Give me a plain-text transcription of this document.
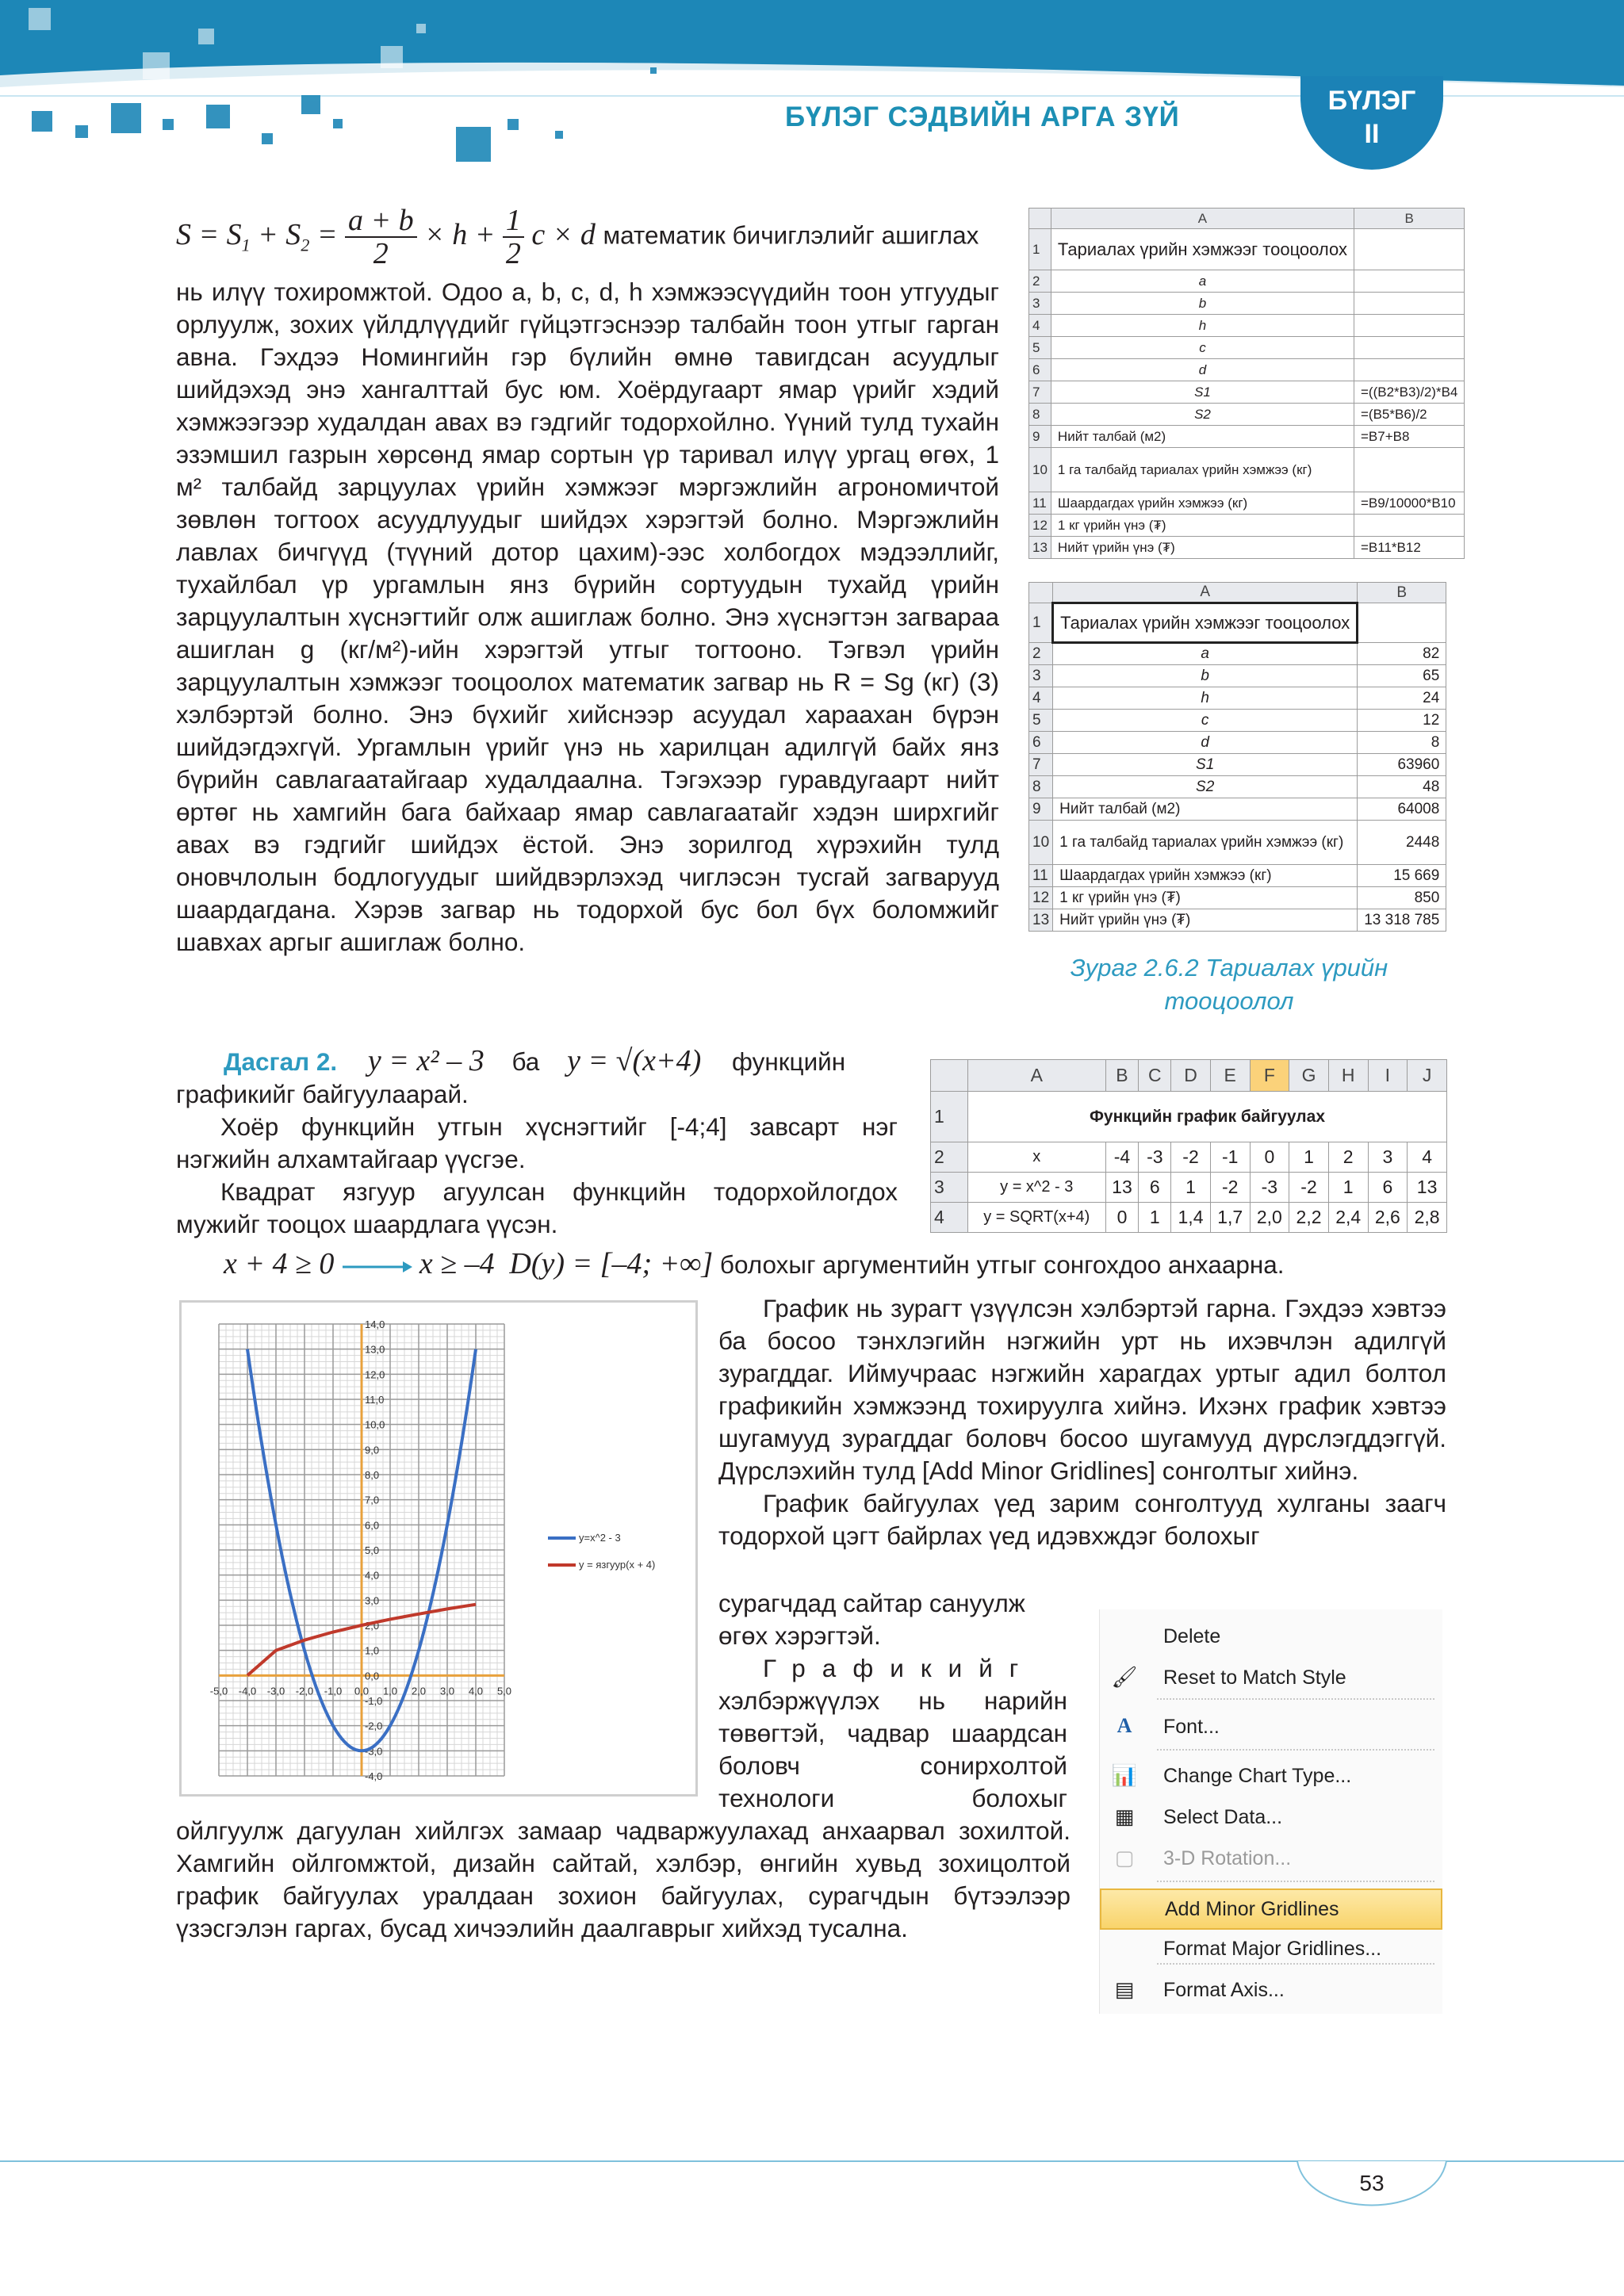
БҮЛЭГ СЭДВИЙН АРГА ЗҮЙ
БҮЛЭГ
II
$S = S_1 + S_2 = \frac{a + b}{2} \times h + \frac{1}{2}$ c × d математик бичиглэлийг ашиглах

нь илүү тохиромжтой. Одоо a, b, c, d, h хэмжээсүүдийн тоон утгуудыг орлуулж, зохих үйлдлүүдийг гүйцэтгэснээр талбайн тоон утгыг гарган авна. Гэхдээ Номингийн гэр бүлийн өмнө тавигдсан асуудлыг шийдэхэд энэ хангалттай бус юм. Хоёрдугаарт ямар үрийг хэдий хэмжээгээр худалдан авах вэ гэдгийг тодорхойлно. Үүний тулд тухайн эзэмшил газрын хөрсөнд ямар сортын үр таривал илүү ургац өгөх, 1 м² талбайд зарцуулах үрийн хэмжээг мэргэжлийн агрономичтой зөвлөн тогтоох асуудлуудыг шийдэх хэрэгтэй болно. Мэргэжлийн лавлах бичгүүд (түүний дотор цахим)-ээс холбогдох мэдээллийг, тухайлбал үр ургамлын янз бүрийн сортуудын тухайд үрийн зарцуулалтын хүснэгтийг олж ашиглаж болно. Энэ хүснэгтэн загвараа ашиглан g (кг/м²)-ийн хэрэгтэй утгыг тогтооно. Тэгвэл үрийн зарцуулалтын хэмжээг тооцоолох математик загвар нь R = Sg (кг) (3) хэлбэртэй болно. Энэ бүхийг хийснээр асуудал хараахан бүрэн шийдэгдэхгүй. Ургамлын үрийг үнэ нь харилцан адилгүй байх янз бүрийн савлагаатайгаар худалдаална. Тэгэхээр гуравдугаарт нийт өртөг нь хамгийн бага байхаар ямар савлагаатайг хэдэн ширхгийг авах вэ гэдгийг шийдэх ёстой. Энэ зорилгод хүрэхийн тулд оновчлолын бодлогуудыг шийдвэрлэхэд чиглэсэн тусгай загварууд шаардагдана. Хэрэв загвар нь тодорхой бус бол бүх боломжийг шавхах аргыг ашиглаж болно.

	A	B
1	Тариалах үрийн хэмжээг тооцоолох	
2	a	
3	b	
4	h	
5	c	
6	d	
7	S1	=((B2*B3)/2)*B4
8	S2	=(B5*B6)/2
9	Нийт талбай (м2)	=B7+B8
10	1 га талбайд тариалах үрийн хэмжээ (кг)	
11	Шаардагдах үрийн хэмжээ (кг)	=B9/10000*B10
12	1 кг үрийн үнэ (₮)	
13	Нийт үрийн үнэ (₮)	=B11*B12
	A	B
1	Тариалах үрийн хэмжээг тооцоолох	
2	a	82
3	b	65
4	h	24
5	c	12
6	d	8
7	S1	63960
8	S2	48
9	Нийт талбай (м2)	64008
10	1 га талбайд тариалах үрийн хэмжээ (кг)	2448
11	Шаардагдах үрийн хэмжээ (кг)	15 669
12	1 кг үрийн үнэ (₮)	850
13	Нийт үрийн үнэ (₮)	13 318 785
Зураг 2.6.2 Тариалах үрийн тооцоолол

Дасгал 2. y = x² – 3 ба y = √(x+4) функцийн

графикийг байгуулаарай.

Хоёр функцийн утгын хүснэгтийг [-4;4] завсарт нэг нэгжийн алхамтайгаар үүсгэе.

Квадрат язгуур агуулсан функцийн тодорхойлогдох мужийг тооцох шаардлага үүсэн.

x + 4 ≥ 0	x ≥ –4 D(y) = [–4; +∞] болохыг аргументийн утгыг сонгохдоо анхаарна.
	A	B	C	D	E	F	G	H	I	J
1	Функцийн график байгуулах									
2	x	-4	-3	-2	-1	0	1	2	3	4
3	y = x^2 - 3	13	6	1	-2	-3	-2	1	6	13
4	y = SQRT(x+4)	0	1	1,4	1,7	2,0	2,2	2,4	2,6	2,8
-5,0 -4,0 -3,0 -2,0 -1,0 0,0 1,0 2,0 3,0 4,0 5,0
14,0
13,0
12,0
11,0
10,0
9,0
8,0
7,0
6,0
5,0
4,0
3,0
2,0
1,0
0,0
-1,0
-2,0
-3,0
-4,0
y=x^2 - 3
y = язгуур(x + 4)

График нь зурагт үзүүлсэн хэлбэртэй гарна. Гэхдээ хэвтээ ба босоо тэнхлэгийн нэгжийн урт нь ихэвчлэн адилгүй зурагддаг. Иймучраас нэгжийн харагдах уртыг адил болтол графикийн хэмжээнд тохируулга хийнэ. Ихэнх график хэвтээ шугамууд зурагддаг боловч босоо шугамууд дүрслэгддэггүй. Дүрслэхийн тулд [Add Minor Gridlines] сонголтыг хийнэ.

График байгуулах үед зарим сонголтууд хулганы заагч тодорхой цэгт байрлах үед идэвхждэг болохыг

сурагчдад сайтар сануулж

өгөх хэрэгтэй.

Графикийг

хэлбэржүүлэх нь нарийн

төвөгтэй, чадвар шаардсан

боловч сонирхолтой

технологи болохыг

ойлгуулж дагуулан хийлгэх замаар чадваржуулахад анхаарвал зохилтой. Хамгийн ойлгомжтой, дизайн сайтай, хэлбэр, өнгийн хувьд зохицолтой график байгуулах уралдаан зохион байгуулах, сурагчдын бүтээлээр үзэсгэлэн гаргах, бусад хичээлийн даалгаврыг хийхэд тусална.

Delete
🖌 Reset to Match Style
A	Font...
📊 Change Chart Type...
▦ Select Data...
▢ 3-D Rotation...
Add Minor Gridlines
Format Major Gridlines...
▤ Format Axis...
53
